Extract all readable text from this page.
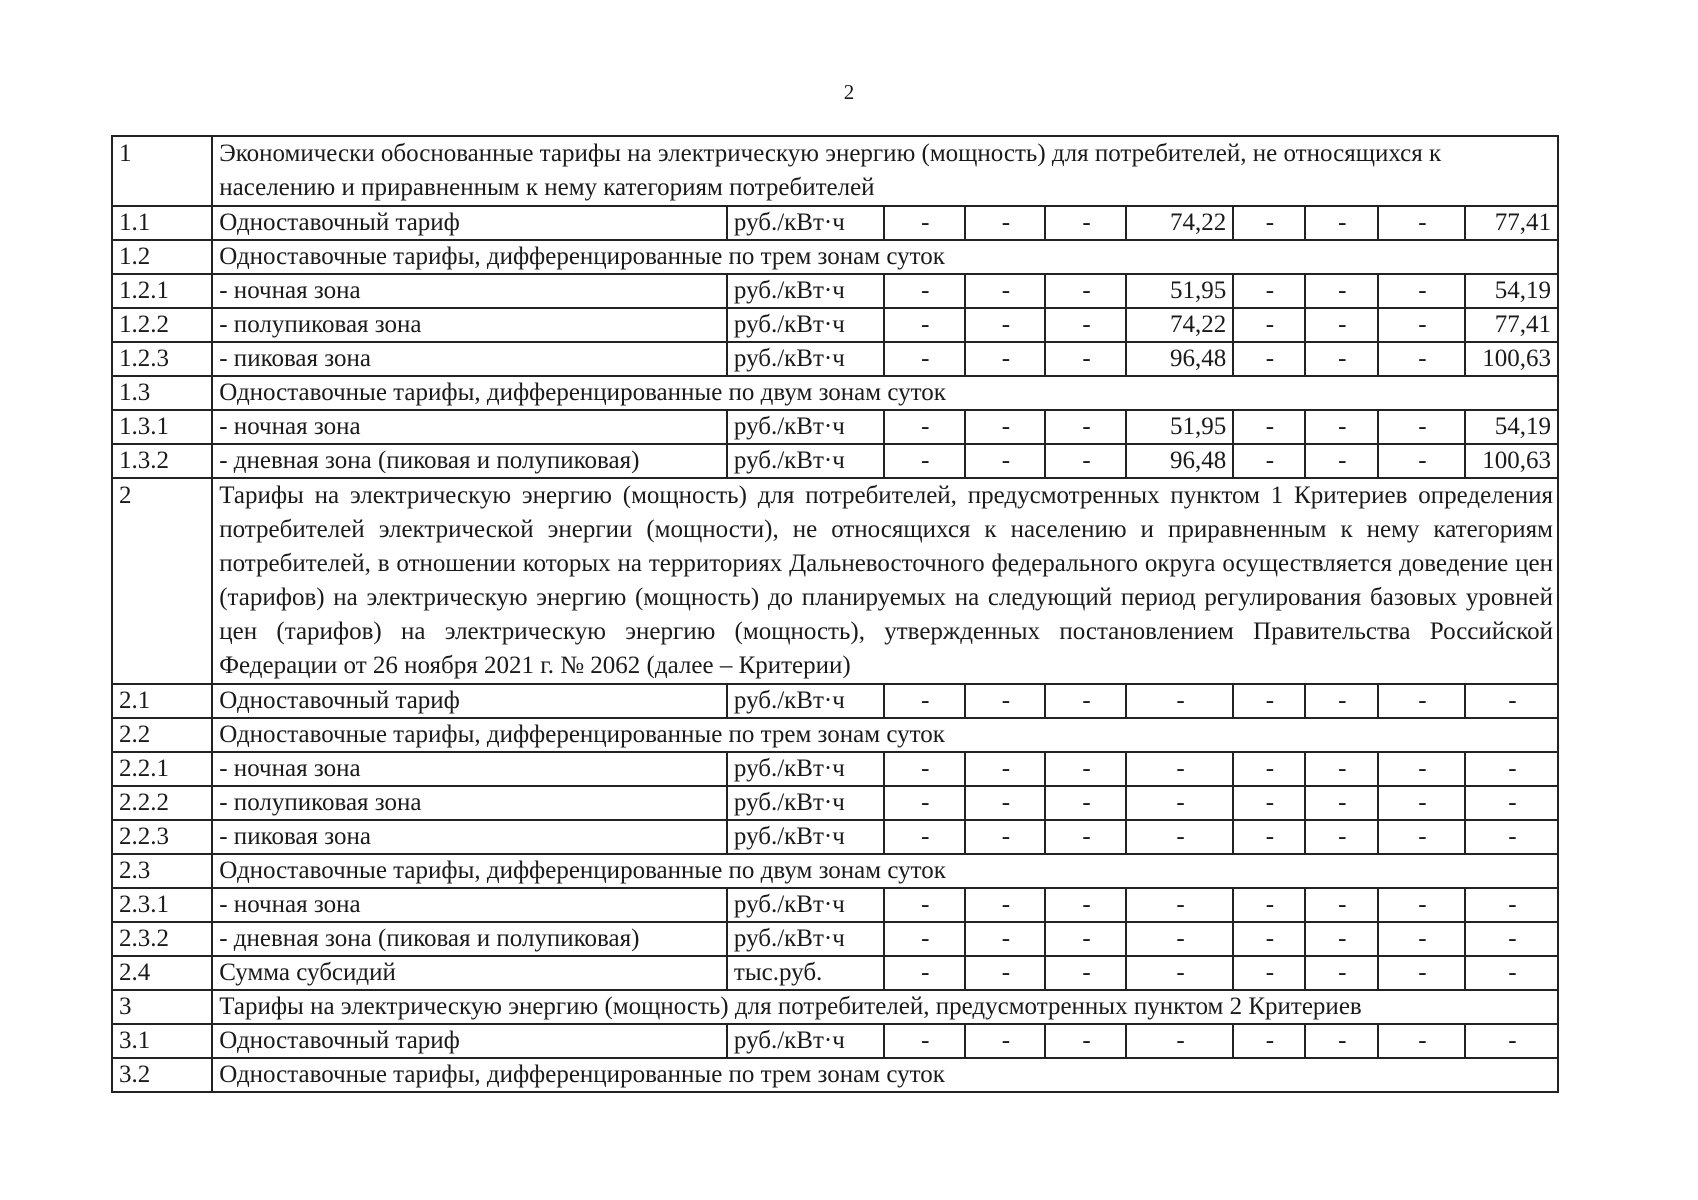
2
1	Экономически обоснованные тарифы на электрическую энергию (мощность) для потребителей, не относящихся к населению и приравненным к нему категориям потребителей									
1.1	Одноставочный тариф	руб./кВт·ч	-	-	-	74,22	-	-	-	77,41
1.2	Одноставочные тарифы, дифференцированные по трем зонам суток									
1.2.1	- ночная зона	руб./кВт·ч	-	-	-	51,95	-	-	-	54,19
1.2.2	- полупиковая зона	руб./кВт·ч	-	-	-	74,22	-	-	-	77,41
1.2.3	- пиковая зона	руб./кВт·ч	-	-	-	96,48	-	-	-	100,63
1.3	Одноставочные тарифы, дифференцированные по двум зонам суток									
1.3.1	- ночная зона	руб./кВт·ч	-	-	-	51,95	-	-	-	54,19
1.3.2	- дневная зона (пиковая и полупиковая)	руб./кВт·ч	-	-	-	96,48	-	-	-	100,63
2	Тарифы на электрическую энергию (мощность) для потребителей, предусмотренных пунктом 1 Критериев определения потребителей электрической энергии (мощности), не относящихся к населению и приравненным к нему категориям потребителей, в отношении которых на территориях Дальневосточного федерального округа осуществляется доведение цен (тарифов) на электрическую энергию (мощность) до планируемых на следующий период регулирования базовых уровней цен (тарифов) на электрическую энергию (мощность), утвержденных постановлением Правительства Российской Федерации от 26 ноября 2021 г. № 2062 (далее – Критерии)									
2.1	Одноставочный тариф	руб./кВт·ч	-	-	-	-	-	-	-	-
2.2	Одноставочные тарифы, дифференцированные по трем зонам суток									
2.2.1	- ночная зона	руб./кВт·ч	-	-	-	-	-	-	-	-
2.2.2	- полупиковая зона	руб./кВт·ч	-	-	-	-	-	-	-	-
2.2.3	- пиковая зона	руб./кВт·ч	-	-	-	-	-	-	-	-
2.3	Одноставочные тарифы, дифференцированные по двум зонам суток									
2.3.1	- ночная зона	руб./кВт·ч	-	-	-	-	-	-	-	-
2.3.2	- дневная зона (пиковая и полупиковая)	руб./кВт·ч	-	-	-	-	-	-	-	-
2.4	Сумма субсидий	тыс.руб.	-	-	-	-	-	-	-	-
3	Тарифы на электрическую энергию (мощность) для потребителей, предусмотренных пунктом 2 Критериев									
3.1	Одноставочный тариф	руб./кВт·ч	-	-	-	-	-	-	-	-
3.2	Одноставочные тарифы, дифференцированные по трем зонам суток									
